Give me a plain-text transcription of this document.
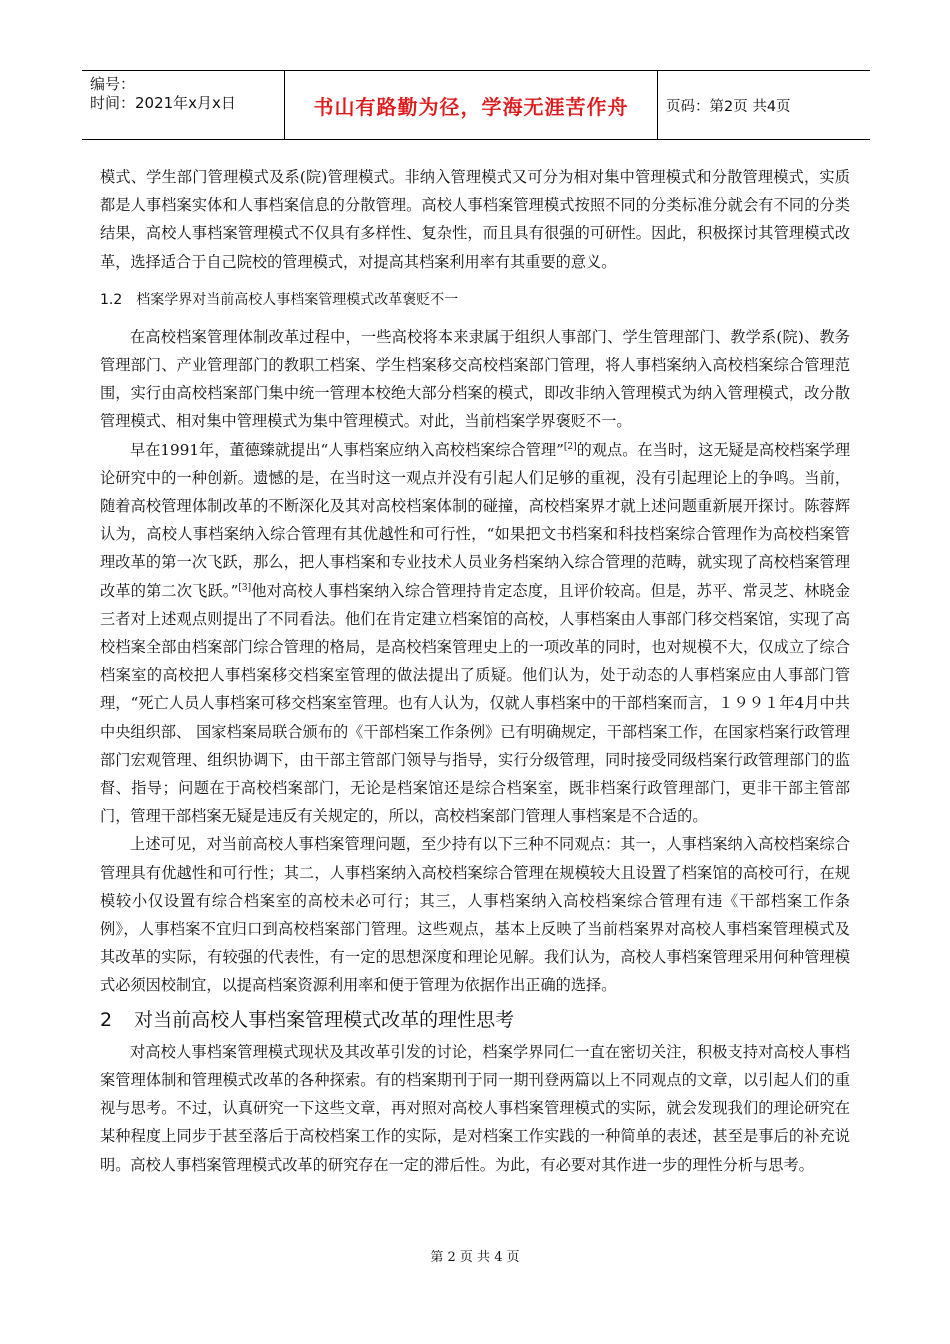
编号：
时间：2021年x月x日	书山有路勤为径，学海无涯苦作舟	页码：第2页 共4页

模式、学生部门管理模式及系(院)管理模式。非纳入管理模式又可分为相对集中管理模式和分散管理模式，实质都是人事档案实体和人事档案信息的分散管理。高校人事档案管理模式按照不同的分类标准分就会有不同的分类结果，高校人事档案管理模式不仅具有多样性、复杂性，而且具有很强的可研性。因此，积极探讨其管理模式改革，选择适合于自己院校的管理模式，对提高其档案利用率有其重要的意义。

1.2 档案学界对当前高校人事档案管理模式改革褒贬不一

在高校档案管理体制改革过程中，一些高校将本来隶属于组织人事部门、学生管理部门、教学系(院)、教务管理部门、产业管理部门的教职工档案、学生档案移交高校档案部门管理，将人事档案纳入高校档案综合管理范围，实行由高校档案部门集中统一管理本校绝大部分档案的模式，即改非纳入管理模式为纳入管理模式，改分散管理模式、相对集中管理模式为集中管理模式。对此，当前档案学界褒贬不一。

早在1991年，董德臻就提出“人事档案应纳入高校档案综合管理”[2]的观点。在当时，这无疑是高校档案学理论研究中的一种创新。遗憾的是，在当时这一观点并没有引起人们足够的重视，没有引起理论上的争鸣。当前，随着高校管理体制改革的不断深化及其对高校档案体制的碰撞，高校档案界才就上述问题重新展开探讨。陈蓉辉认为，高校人事档案纳入综合管理有其优越性和可行性，“如果把文书档案和科技档案综合管理作为高校档案管理改革的第一次飞跃，那么，把人事档案和专业技术人员业务档案纳入综合管理的范畴，就实现了高校档案管理改革的第二次飞跃。”[3]他对高校人事档案纳入综合管理持肯定态度，且评价较高。但是，苏平、常灵芝、林晓金三者对上述观点则提出了不同看法。他们在肯定建立档案馆的高校，人事档案由人事部门移交档案馆，实现了高校档案全部由档案部门综合管理的格局，是高校档案管理史上的一项改革的同时，也对规模不大，仅成立了综合档案室的高校把人事档案移交档案室管理的做法提出了质疑。他们认为，处于动态的人事档案应由人事部门管理，“死亡人员人事档案可移交档案室管理。也有人认为，仅就人事档案中的干部档案而言，１９９１年4月中共中央组织部、 国家档案局联合颁布的《干部档案工作条例》已有明确规定，干部档案工作，在国家档案行政管理部门宏观管理、组织协调下，由干部主管部门领导与指导，实行分级管理，同时接受同级档案行政管理部门的监督、指导；问题在于高校档案部门，无论是档案馆还是综合档案室，既非档案行政管理部门，更非干部主管部门，管理干部档案无疑是违反有关规定的，所以，高校档案部门管理人事档案是不合适的。

上述可见，对当前高校人事档案管理问题，至少持有以下三种不同观点：其一，人事档案纳入高校档案综合管理具有优越性和可行性；其二，人事档案纳入高校档案综合管理在规模较大且设置了档案馆的高校可行，在规模较小仅设置有综合档案室的高校未必可行；其三，人事档案纳入高校档案综合管理有违《干部档案工作条例》，人事档案不宜归口到高校档案部门管理。这些观点，基本上反映了当前档案界对高校人事档案管理模式及其改革的实际，有较强的代表性，有一定的思想深度和理论见解。我们认为，高校人事档案管理采用何种管理模式必须因校制宜，以提高档案资源利用率和便于管理为依据作出正确的选择。

2 对当前高校人事档案管理模式改革的理性思考

对高校人事档案管理模式现状及其改革引发的讨论，档案学界同仁一直在密切关注，积极支持对高校人事档案管理体制和管理模式改革的各种探索。有的档案期刊于同一期刊登两篇以上不同观点的文章，以引起人们的重视与思考。不过，认真研究一下这些文章，再对照对高校人事档案管理模式的实际，就会发现我们的理论研究在某种程度上同步于甚至落后于高校档案工作的实际，是对档案工作实践的一种简单的表述，甚至是事后的补充说明。高校人事档案管理模式改革的研究存在一定的滞后性。为此，有必要对其作进一步的理性分析与思考。

第 2 页 共 4 页
